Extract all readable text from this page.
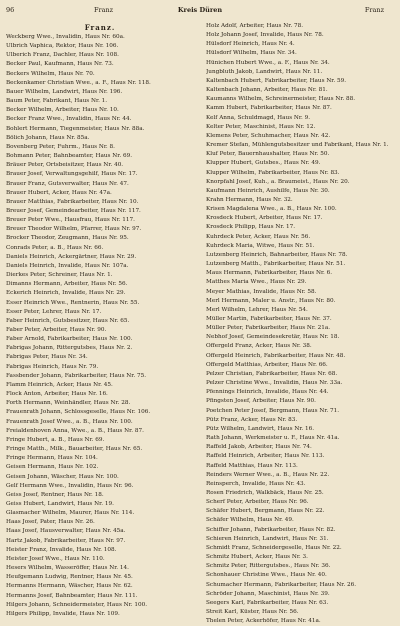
96	Franz	Kreis Düren	Franz
Franz.
Weckberg Wwe., Invalidin, Haus Nr. 60a.
Ulbrich Vaphica, Rektor, Haus Nr. 106.
Ulberich Franz, Dachler, Haus Nr. 108.
Becker Paul, Kaufmann, Haus Nr. 73.
Beckers Wilhelm, Haus Nr. 70.
Beckenkamer Christian Wwe., a. F., Haus Nr. 118.
Bauer Wilhelm, Landwirt, Haus Nr. 196.
Baum Peter, Fabrikant, Haus Nr. 1.
Becker Wilhelm, Arbeiter, Haus Nr. 10.
Becker Franz Wwe., Invalidin, Haus Nr. 44.
Bohlert Hermann, Tiegenmeister, Haus Nr. 88a.
Bölich Johann, Haus Nr. 85a.
Bovenberg Peter, Fuhrm., Haus Nr. 8.
Bohmann Peter, Bahnbeamter, Haus Nr. 69.
Bräuer Peter, Ortsbeisitzer, Haus Nr. 40.
Brauer Josef, Verwaltungsgehilf, Haus Nr. 17.
Brauer Franz, Gutsverwalter, Haus Nr. 47.
Brauer Hubert, Acker, Haus Nr. 47a.
Brauer Matthias, Fabrikarbeiter, Haus Nr. 10.
Breuer Josef, Gemeindearbeiter, Haus Nr. 117.
Breuer Peter Wwe., Hausfrau, Haus Nr. 117.
Breuer Theodor Wilhelm, Pfarrer, Haus Nr. 97.
Brocker Theodor, Zeugmann, Haus Nr. 95.
Conrads Peter, a. B., Haus Nr. 66.
Daniels Heinrich, Ackergärtner, Haus Nr. 29.
Daniels Heinrich, Invalide, Haus Nr. 107a.
Dierkes Peter, Schreiner, Haus Nr. 1.
Dimanns Hermann, Arbeiter, Haus Nr. 56.
Eckerich Heinrich, Invalide, Haus Nr. 29.
Esser Heinrich Wwe., Rentnerin, Haus Nr. 55.
Esser Peter, Lehrer, Haus Nr. 17.
Faber Heinrich, Gutsbesitzer, Haus Nr. 65.
Faber Peter, Arbeiter, Haus Nr. 90.
Faber Arnold, Fabrikarbeiter, Haus Nr. 100.
Fabrigas Johann, Rittergutsbes, Haus Nr. 2.
Fabrigas Peter, Haus Nr. 34.
Fabrigas Heinrich, Haus Nr. 79.
Fassbender Johann, Fabrikarbeiter, Haus Nr. 75.
Flamm Heinrich, Acker, Haus Nr. 45.
Flock Anton, Arbeiter, Haus Nr. 16.
Forth Hermann, Weinhändler, Haus Nr. 28.
Frauenrath Johann, Schlossgeselle, Haus Nr. 106.
Frauenrath Josef Wwe., a. B., Haus Nr. 100.
Freialdenhoven Anna, Wwe., a. B., Haus Nr. 87.
Fringe Hubert, a. B., Haus Nr. 69.
Fringe Matth., Milk., Bauarbeiter, Haus Nr. 65.
Fringe Hermann, Haus Nr. 104.
Geisen Hermann, Haus Nr. 102.
Geisen Johann, Wäscher, Haus Nr. 100.
Gelf Hermann Wwe., Invalidin, Haus Nr. 96.
Geiss Josef, Rentner, Haus Nr. 18.
Geiss Hubert, Landwirt, Haus Nr. 19.
Glasmacher Wilhelm, Maurer, Haus Nr. 114.
Haas Josef, Pater, Haus Nr. 26.
Haas Josef, Hausverwalter, Haus Nr. 45a.
Hartz Jakob, Fabrikarbeiter, Haus Nr. 97.
Heister Franz, Invalide, Haus Nr. 108.
Heister Josef Wwe., Haus Nr. 110.
Hesers Wilhelm, Wasseröffer, Haus Nr. 14.
Heufgemann Ludwig, Rentner, Haus Nr. 45.
Hermanns Hermann, Wäscher, Haus Nr. 62.
Hermanns Josef, Bahnbeamter, Haus Nr. 111.
Hilgers Johann, Schneidermeister, Haus Nr. 100.
Hilgers Philipp, Invalide, Haus Nr. 109.
Holz Adolf, Arbeiter, Haus Nr. 78.
Holz Johann Josef, Invalide, Haus Nr. 78.
Hülsdorf Heinrich, Haus Nr. 4.
Hülsdorf Wilhelm, Haus Nr. 34.
Hünichen Hubert Wwe., a. F., Haus Nr. 34.
Jungbluth Jakob, Landwirt, Haus Nr. 11.
Kaltenbach Hubert, Fabrikarbeiter, Haus Nr. 59.
Kaltenbach Johann, Arbeiter, Haus Nr. 81.
Kaumanns Wilhelm, Schreinermeister, Haus Nr. 88.
Kamm Hubert, Fabrikarbeiter, Haus Nr. 87.
Kelf Anna, Schuldmagd, Haus Nr. 9.
Kelter Peter, Maschinist, Haus Nr. 12.
Klemens Peter, Schuhmacher, Haus Nr. 42.
Kremer Stefan, Mühlengutsbesitzer und Fabrikant, Haus Nr. 1.
Kluf Peter, Bauernhaushalter, Haus Nr. 50.
Klupper Hubert, Gutsbes., Haus Nr. 49.
Klupper Wilhelm, Fabrikarbeiter, Haus Nr. 83.
Knorpfahl Josef, Kuh., a. Braumeist., Haus Nr. 20.
Kaufmann Heinrich, Aushilfe, Haus Nr. 30.
Krahn Hermann, Haus Nr. 32.
Krisen Magdalena Wwe., a. B., Haus Nr. 100.
Krosdeck Hubert, Arbeiter, Haus Nr. 17.
Krosdeck Philipp, Haus Nr. 17.
Kuhrdeck Peter, Acker, Haus Nr. 56.
Kuhrdeck Maria, Witwe, Haus Nr. 51.
Lutzenberg Heinrich, Bahnarbeiter, Haus Nr. 78.
Lutzenberg Matth., Fabrikarbeiter, Haus Nr. 51.
Maus Hermann, Fabrikarbeiter, Haus Nr. 6.
Matthes Maria Wwe., Haus Nr. 29.
Meyer Mathias, Invalide, Haus Nr. 58.
Merl Hermann, Maler u. Anstr., Haus Nr. 80.
Merl Wilhelm, Lehrer, Haus Nr. 54.
Müller Martin, Fabrikarbeiter, Haus Nr. 37.
Müller Peter, Fabrikarbeiter, Haus Nr. 21a.
Nebhof Josef, Gemeindesekretär, Haus Nr. 18.
Offergeld Franz, Acker, Haus Nr. 38.
Offergeld Heinrich, Fabrikarbeiter, Haus Nr. 48.
Offergeld Matthias, Arbeiter, Haus Nr. 66.
Pelzer Christian, Fabrikarbeiter, Haus Nr. 68.
Pelzer Christine Wwe., Invalidin, Haus Nr. 33a.
Pfennings Heinrich, Invalide, Haus Nr. 44.
Pfingsten Josef, Arbeiter, Haus Nr. 90.
Poetchen Peter Josef, Bergmann, Haus Nr. 71.
Pütz Franz, Acker, Haus Nr. 83.
Pütz Wilhelm, Landwirt, Haus Nr. 16.
Rath Johann, Werkmeister u. F., Haus Nr. 41a.
Raffeld Jakob, Arbeiter, Haus Nr. 74.
Raffeld Heinrich, Arbeiter, Haus Nr. 113.
Raffeld Matthias, Haus Nr. 113.
Reinders Werner Wwe., a. B., Haus Nr. 22.
Reinsperch, Invalide, Haus Nr. 43.
Rosen Friedrich, Walkbäck, Haus Nr. 25.
Scherf Peter, Arbeiter, Haus Nr. 96.
Schäfer Hubert, Bergmann, Haus Nr. 22.
Schäfer Wilhelm, Haus Nr. 49.
Schiffer Johann, Fabrikarbeiter, Haus Nr. 82.
Schieren Heinrich, Landwirt, Haus Nr. 31.
Schmidt Franz, Schneidergeselle, Haus Nr. 22.
Schmitz Hubert, Acker, Haus Nr. 3.
Schmitz Peter, Rittergutsbes., Haus Nr. 36.
Schonhauer Christine Wwe., Haus Nr. 40.
Schumacher Hermann, Fabrikarbeiter, Haus Nr. 26.
Schröder Johann, Maschinist, Haus Nr. 39.
Seegers Karl, Fabrikarbeiter, Haus Nr. 63.
Streit Karl, Küster, Haus Nr. 56.
Thelen Peter, Ackerhöfer, Haus Nr. 41a.
